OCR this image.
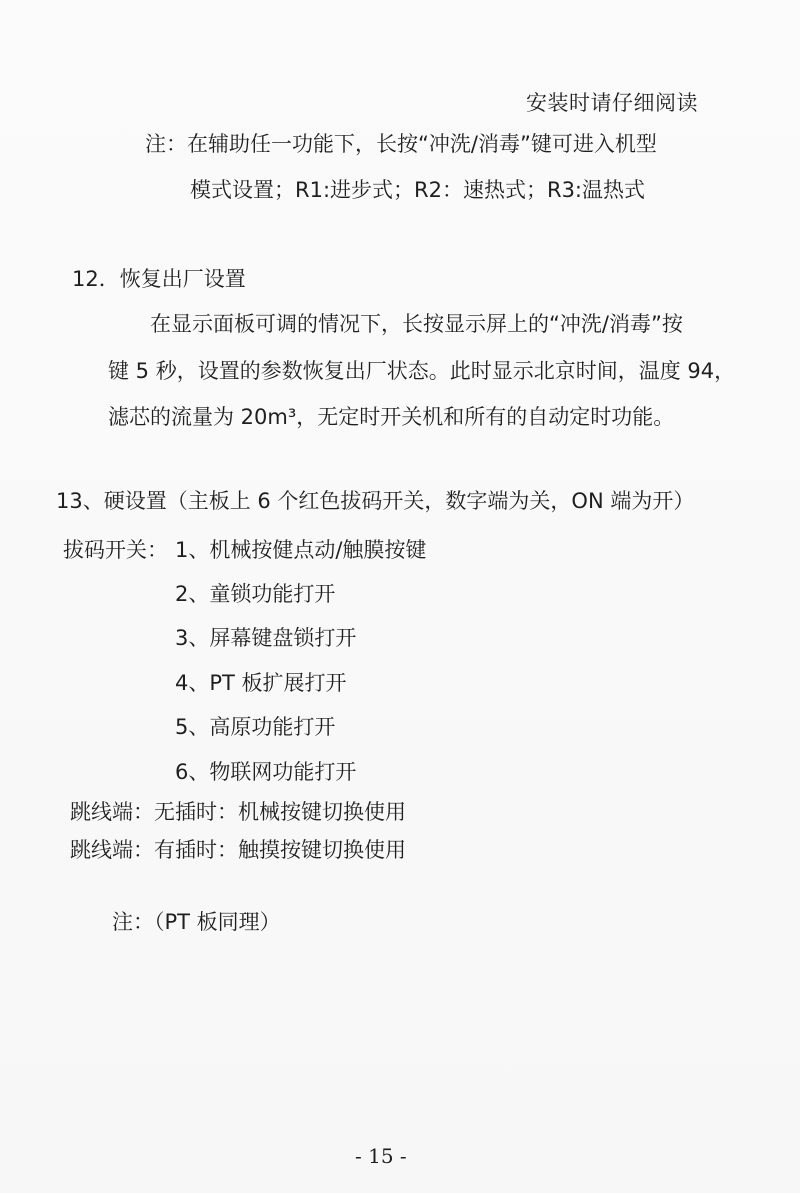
安装时请仔细阅读
注：在辅助任一功能下，长按“冲洗/消毒”键可进入机型
模式设置；R1:进步式；R2：速热式；R3:温热式
12．恢复出厂设置
在显示面板可调的情况下，长按显示屏上的“冲洗/消毒”按
键 5 秒，设置的参数恢复出厂状态。此时显示北京时间，温度 94，
滤芯的流量为 20m³，无定时开关机和所有的自动定时功能。
13、硬设置（主板上 6 个红色拔码开关，数字端为关，ON 端为开）
拔码开关： 1、机械按健点动/触膜按键
2、童锁功能打开
3、屏幕键盘锁打开
4、PT 板扩展打开
5、高原功能打开
6、物联网功能打开
跳线端：无插时：机械按键切换使用
跳线端：有插时：触摸按键切换使用
注：（PT 板同理）
- 15 -
